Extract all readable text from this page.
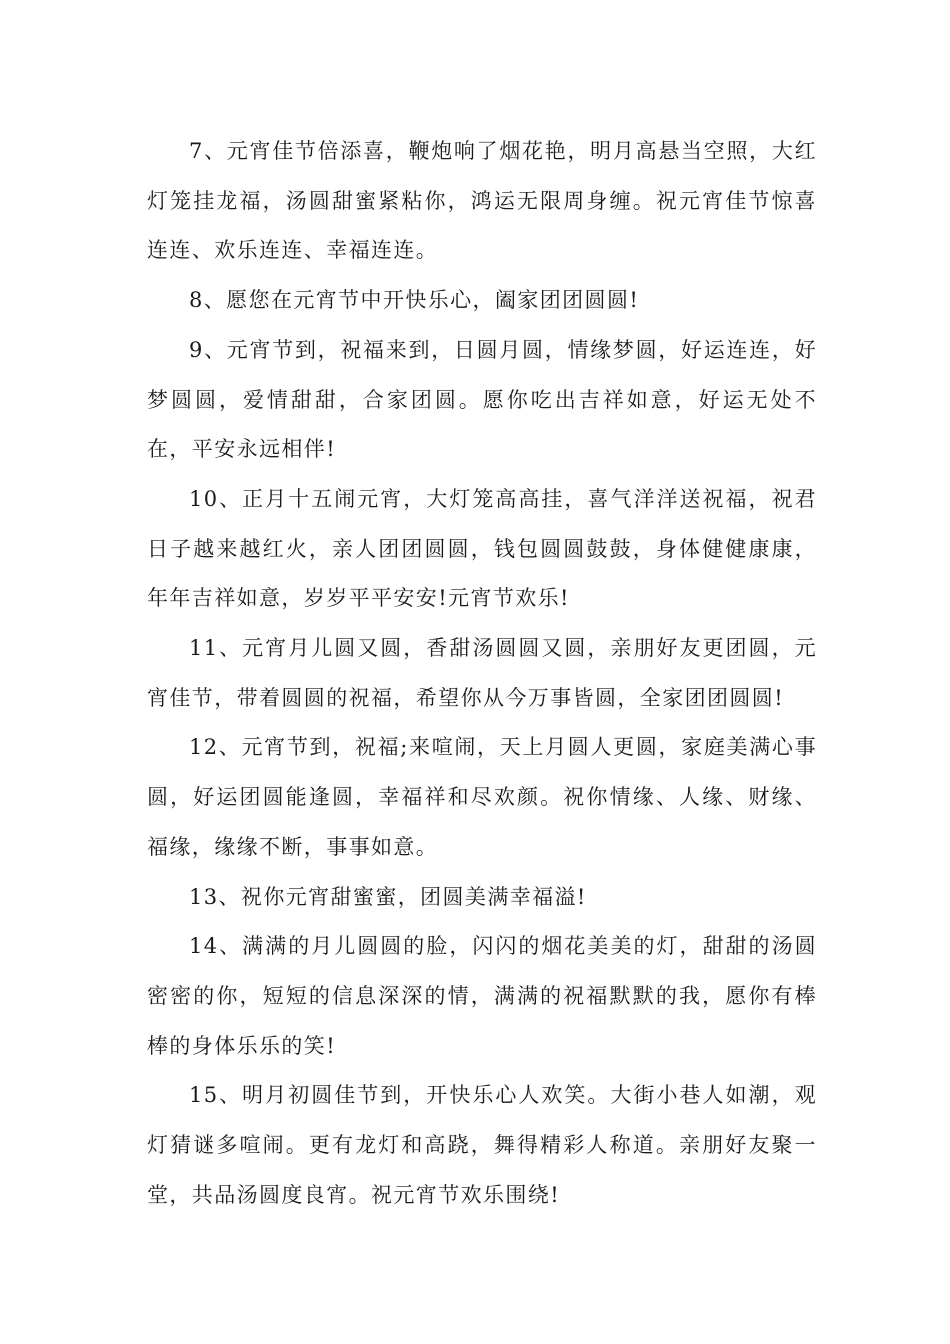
7、元宵佳节倍添喜，鞭炮响了烟花艳，明月高悬当空照，大红灯笼挂龙福，汤圆甜蜜紧粘你，鸿运无限周身缠。祝元宵佳节惊喜连连、欢乐连连、幸福连连。

8、愿您在元宵节中开快乐心，阖家团团圆圆!

9、元宵节到，祝福来到，日圆月圆，情缘梦圆，好运连连，好梦圆圆，爱情甜甜，合家团圆。愿你吃出吉祥如意，好运无处不在，平安永远相伴!

10、正月十五闹元宵，大灯笼高高挂，喜气洋洋送祝福，祝君日子越来越红火，亲人团团圆圆，钱包圆圆鼓鼓，身体健健康康，年年吉祥如意，岁岁平平安安!元宵节欢乐!

11、元宵月儿圆又圆，香甜汤圆圆又圆，亲朋好友更团圆，元宵佳节，带着圆圆的祝福，希望你从今万事皆圆，全家团团圆圆!

12、元宵节到，祝福;来喧闹，天上月圆人更圆，家庭美满心事圆，好运团圆能逢圆，幸福祥和尽欢颜。祝你情缘、人缘、财缘、福缘，缘缘不断，事事如意。

13、祝你元宵甜蜜蜜，团圆美满幸福溢!

14、满满的月儿圆圆的脸，闪闪的烟花美美的灯，甜甜的汤圆密密的你，短短的信息深深的情，满满的祝福默默的我，愿你有棒棒的身体乐乐的笑!

15、明月初圆佳节到，开快乐心人欢笑。大街小巷人如潮，观灯猜谜多喧闹。更有龙灯和高跷，舞得精彩人称道。亲朋好友聚一堂，共品汤圆度良宵。祝元宵节欢乐围绕!
